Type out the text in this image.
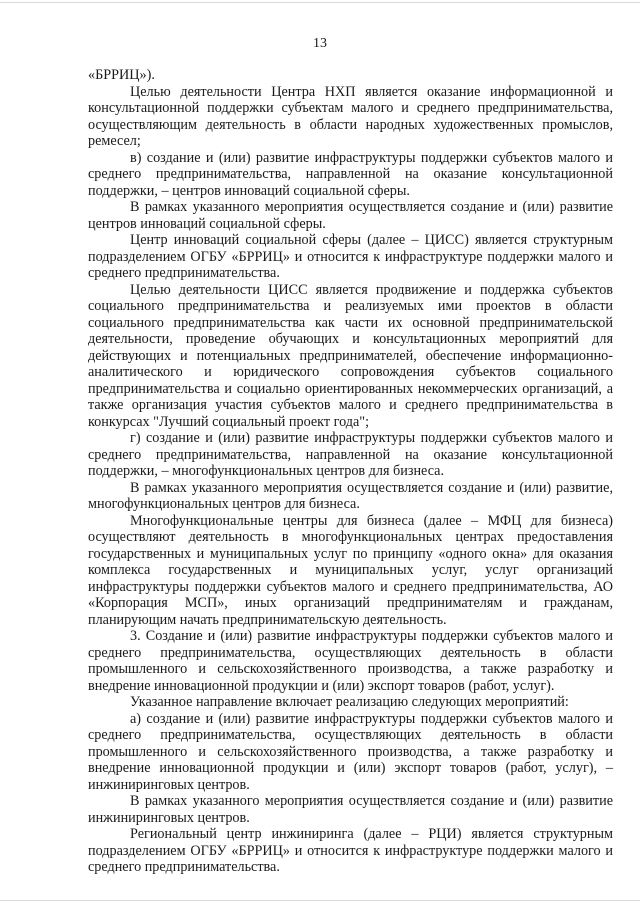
13

«БРРИЦ»).

Целью деятельности Центра НХП является оказание информационной и консультационной поддержки субъектам малого и среднего предпринимательства, осуществляющим деятельность в области народных художественных промыслов, ремесел;

в) создание и (или) развитие инфраструктуры поддержки субъектов малого и среднего предпринимательства, направленной на оказание консультационной поддержки, – центров инноваций социальной сферы.

В рамках указанного мероприятия осуществляется создание и (или) развитие центров инноваций социальной сферы.

Центр инноваций социальной сферы (далее – ЦИСС) является структурным подразделением ОГБУ «БРРИЦ» и относится к инфраструктуре поддержки малого и среднего предпринимательства.

Целью деятельности ЦИСС является продвижение и поддержка субъектов социального предпринимательства и реализуемых ими проектов в области социального предпринимательства как части их основной предпринимательской деятельности, проведение обучающих и консультационных мероприятий для действующих и потенциальных предпринимателей, обеспечение информационно-аналитического и юридического сопровождения субъектов социального предпринимательства и социально ориентированных некоммерческих организаций, а также организация участия субъектов малого и среднего предпринимательства в конкурсах "Лучший социальный проект года";

г) создание и (или) развитие инфраструктуры поддержки субъектов малого и среднего предпринимательства, направленной на оказание консультационной поддержки, – многофункциональных центров для бизнеса.

В рамках указанного мероприятия осуществляется создание и (или) развитие, многофункциональных центров для бизнеса.

Многофункциональные центры для бизнеса (далее – МФЦ для бизнеса) осуществляют деятельность в многофункциональных центрах предоставления государственных и муниципальных услуг по принципу «одного окна» для оказания комплекса государственных и муниципальных услуг, услуг организаций инфраструктуры поддержки субъектов малого и среднего предпринимательства, АО «Корпорация МСП», иных организаций предпринимателям и гражданам, планирующим начать предпринимательскую деятельность.

3. Создание и (или) развитие инфраструктуры поддержки субъектов малого и среднего предпринимательства, осуществляющих деятельность в области промышленного и сельскохозяйственного производства, а также разработку и внедрение инновационной продукции и (или) экспорт товаров (работ, услуг).

Указанное направление включает реализацию следующих мероприятий:

а) создание и (или) развитие инфраструктуры поддержки субъектов малого и среднего предпринимательства, осуществляющих деятельность в области промышленного и сельскохозяйственного производства, а также разработку и внедрение инновационной продукции и (или) экспорт товаров (работ, услуг), – инжиниринговых центров.

В рамках указанного мероприятия осуществляется создание и (или) развитие инжиниринговых центров.

Региональный центр инжиниринга (далее – РЦИ) является структурным подразделением ОГБУ «БРРИЦ» и относится к инфраструктуре поддержки малого и среднего предпринимательства.
